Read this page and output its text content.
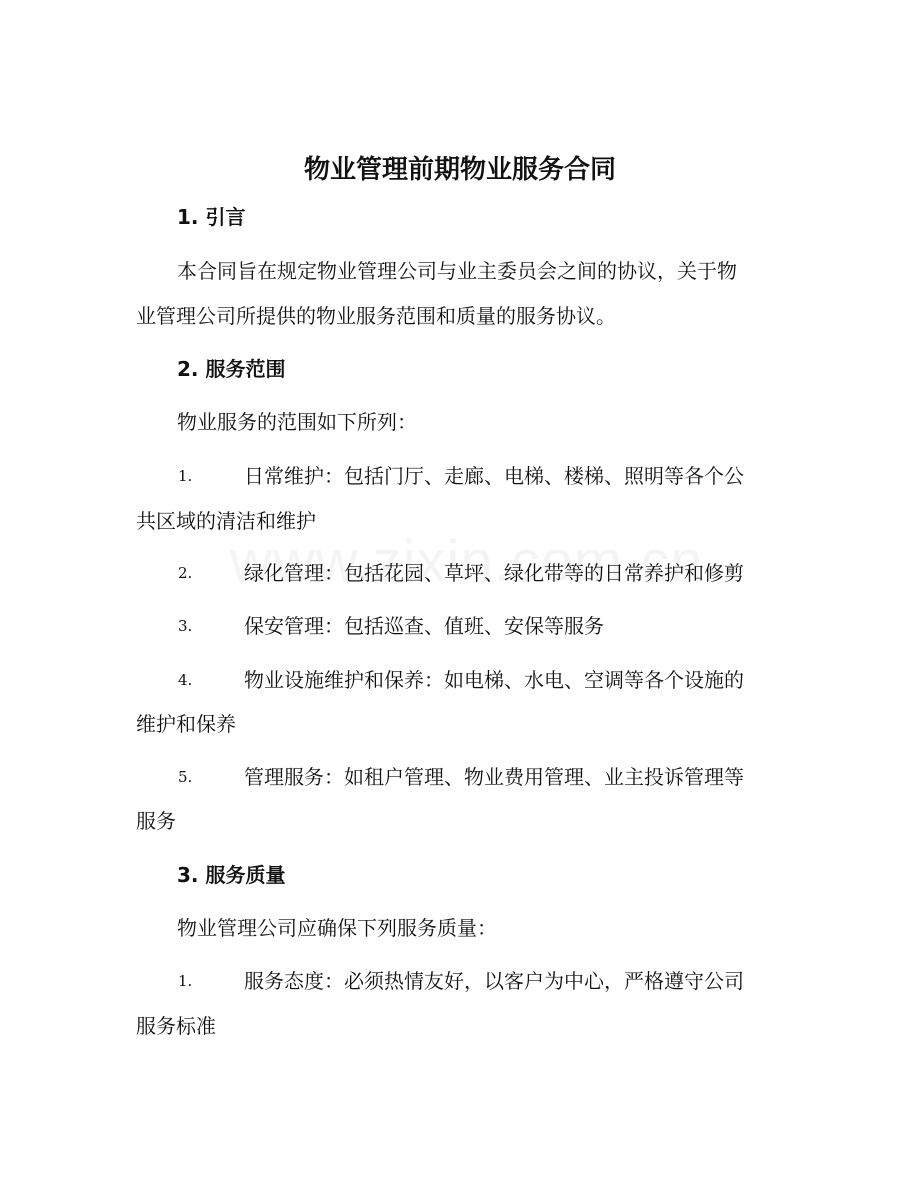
物业管理前期物业服务合同
1. 引言

本合同旨在规定物业管理公司与业主委员会之间的协议，关于物

业管理公司所提供的物业服务范围和质量的服务协议。

2. 服务范围

物业服务的范围如下所列：

1.	日常维护：包括门厅、走廊、电梯、楼梯、照明等各个公

共区域的清洁和维护

2.	绿化管理：包括花园、草坪、绿化带等的日常养护和修剪

3.	保安管理：包括巡查、值班、安保等服务

4.	物业设施维护和保养：如电梯、水电、空调等各个设施的

维护和保养

5.	管理服务：如租户管理、物业费用管理、业主投诉管理等

服务

3. 服务质量

物业管理公司应确保下列服务质量：

1.	服务态度：必须热情友好，以客户为中心，严格遵守公司

服务标准
